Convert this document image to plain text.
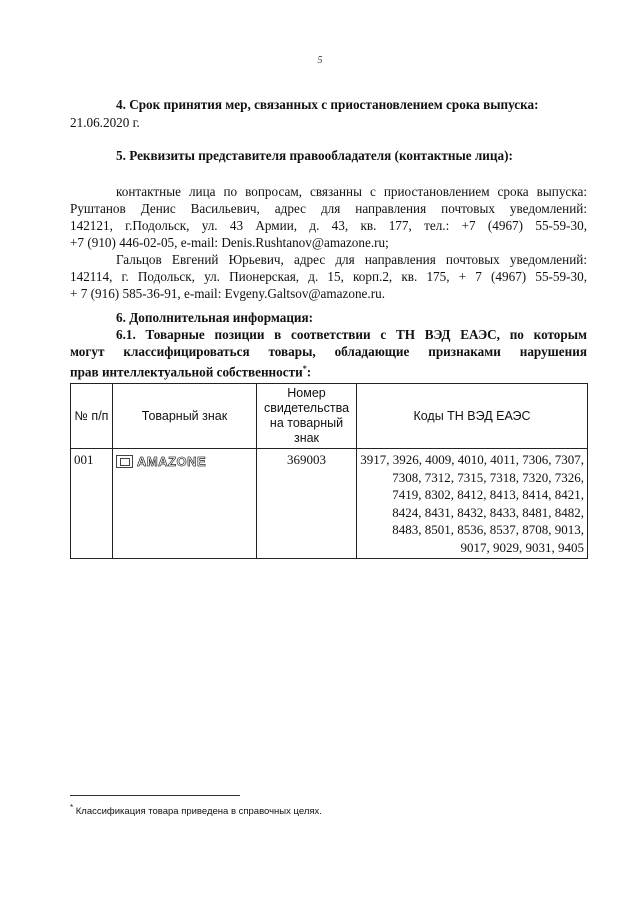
5
4. Срок принятия мер, связанных с приостановлением срока выпуска:
21.06.2020 г.
5. Реквизиты представителя правообладателя (контактные лица):
контактные лица по вопросам, связанны с приостановлением срока выпуска:
Руштанов Денис Васильевич, адрес для направления почтовых уведомлений:
142121, г.Подольск, ул. 43 Армии, д. 43, кв. 177, тел.: +7 (4967) 55-59-30,
+7 (910) 446-02-05, e-mail: Denis.Rushtanov@amazone.ru;
Гальцов Евгений Юрьевич, адрес для направления почтовых уведомлений:
142114, г. Подольск, ул. Пионерская, д. 15, корп.2, кв. 175, + 7 (4967) 55-59-30,
+ 7 (916) 585-36-91, e-mail: Evgeny.Galtsov@amazone.ru.
6. Дополнительная информация:
6.1. Товарные позиции в соответствии с ТН ВЭД ЕАЭС, по которым
могут классифицироваться товары, обладающие признаками нарушения
прав интеллектуальной собственности*:
№ п/п	Товарный знак	Номер свидетельства на товарный знак	Коды ТН ВЭД ЕАЭС
001	AMAZONE	369003	3917, 3926, 4009, 4010, 4011, 7306, 7307, 7308, 7312, 7315, 7318, 7320, 7326, 7419, 8302, 8412, 8413, 8414, 8421, 8424, 8431, 8432, 8433, 8481, 8482, 8483, 8501, 8536, 8537, 8708, 9013, 9017, 9029, 9031, 9405
* Классификация товара приведена в справочных целях.
